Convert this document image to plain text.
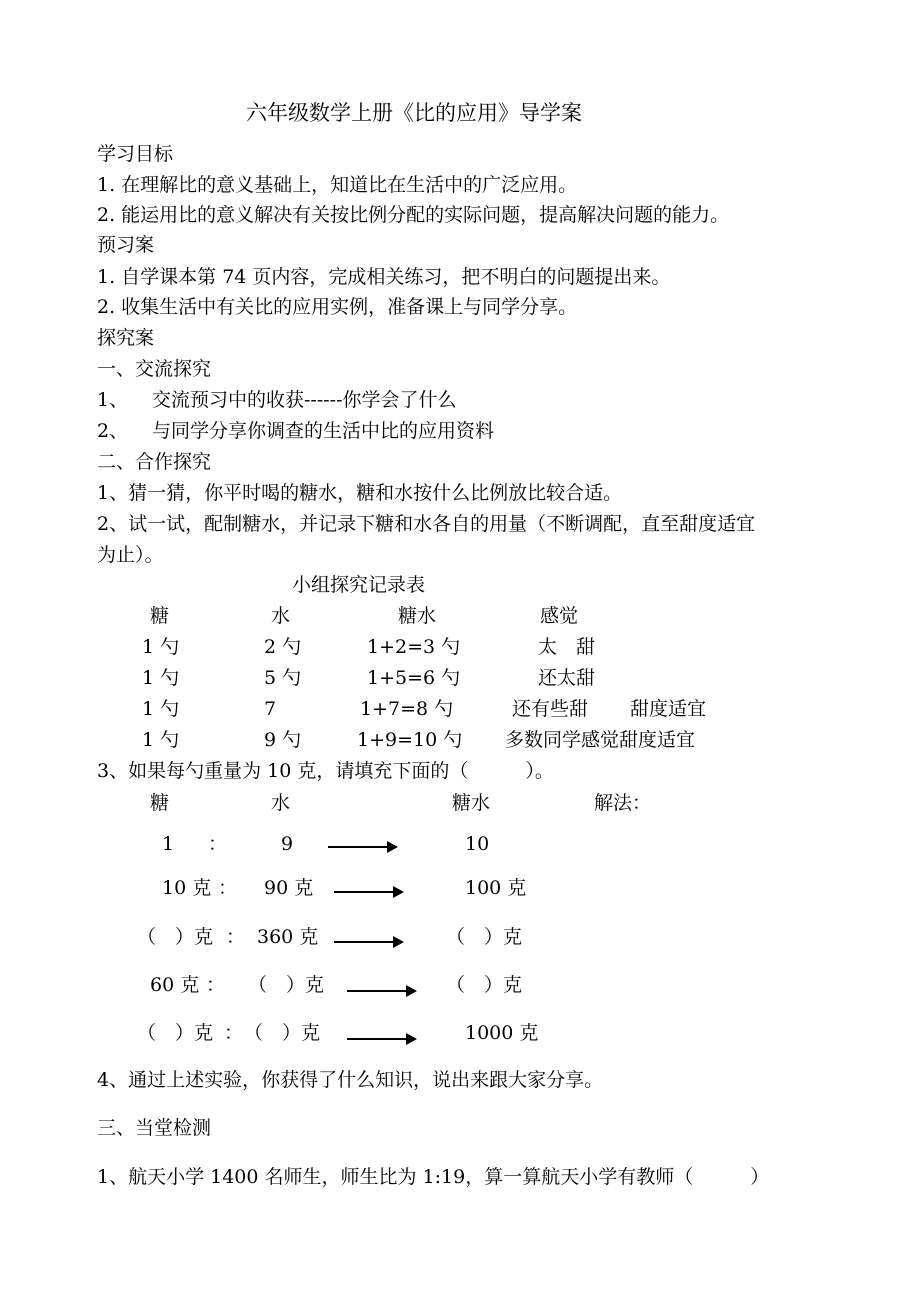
六年级数学上册《比的应用》导学案
学习目标
1. 在理解比的意义基础上，知道比在生活中的广泛应用。
2. 能运用比的意义解决有关按比例分配的实际问题，提高解决问题的能力。
预习案
1. 自学课本第 74 页内容，完成相关练习，把不明白的问题提出来。
2. 收集生活中有关比的应用实例，准备课上与同学分享。
探究案
一、交流探究
1、 交流预习中的收获------你学会了什么
2、 与同学分享你调查的生活中比的应用资料
二、合作探究
1、猜一猜，你平时喝的糖水，糖和水按什么比例放比较合适。
2、试一试，配制糖水，并记录下糖和水各自的用量（不断调配，直至甜度适宜
为止）。
小组探究记录表
糖	水	糖水	感觉
1 勺	2 勺	1+2=3 勺	太　甜
1 勺	5 勺	1+5=6 勺	还太甜
1 勺	7	1+7=8 勺	还有些甜 甜度适宜
1 勺	9 勺	1+9=10 勺 多数同学感觉甜度适宜
3、如果每勺重量为 10 克，请填充下面的（　　　）。
糖	水	糖水	解法：
1 ：	9	10
10 克 ： 90 克	100 克
（　）克 ： 360 克	（　）克
60 克 ： （　）克	（　）克
（　）克 ： （　）克	1000 克
4、通过上述实验，你获得了什么知识，说出来跟大家分享。
三、当堂检测
1、航天小学 1400 名师生，师生比为 1:19，算一算航天小学有教师（　　　）
